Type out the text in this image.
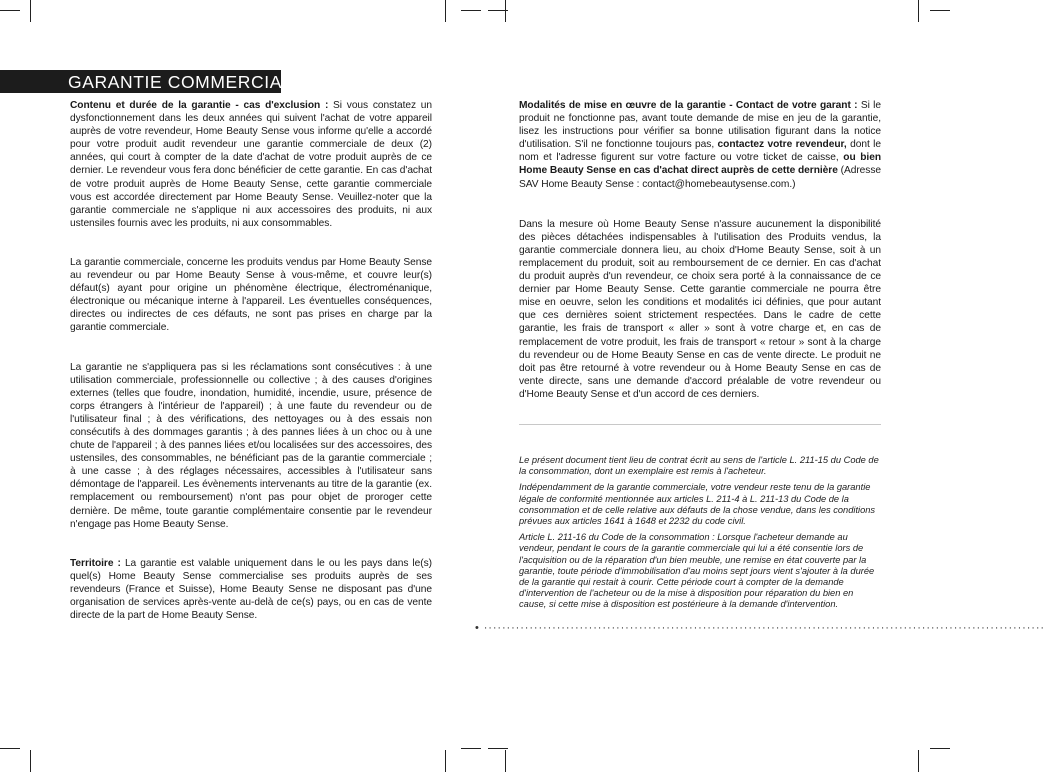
GARANTIE COMMERCIALE

Contenu et durée de la garantie - cas d'exclusion : Si vous constatez un dysfonctionnement dans les deux années qui suivent l'achat de votre appareil auprès de votre revendeur, Home Beauty Sense vous informe qu'elle a accordé pour votre produit audit revendeur une garantie commerciale de deux (2) années, qui court à compter de la date d'achat de votre produit auprès de ce dernier. Le revendeur vous fera donc bénéficier de cette garantie. En cas d'achat de votre produit auprès de Home Beauty Sense, cette garantie commerciale vous est accordée directement par Home Beauty Sense. Veuillez-noter que la garantie commerciale ne s'applique ni aux accessoires des produits, ni aux ustensiles fournis avec les produits, ni aux consommables.

La garantie commerciale, concerne les produits vendus par Home Beauty Sense au revendeur ou par Home Beauty Sense à vous-même, et couvre leur(s) défaut(s) ayant pour origine un phénomène électrique, électroménanique, électronique ou mécanique interne à l'appareil. Les éventuelles conséquences, directes ou indirectes de ces défauts, ne sont pas prises en charge par la garantie commerciale.

La garantie ne s'appliquera pas si les réclamations sont consécutives : à une utilisation commerciale, professionnelle ou collective ; à des causes d'origines externes (telles que foudre, inondation, humidité, incendie, usure, présence de corps étrangers à l'intérieur de l'appareil) ; à une faute du revendeur ou de l'utilisateur final ; à des vérifications, des nettoyages ou à des essais non consécutifs à des dommages garantis ; à des pannes liées à un choc ou à une chute de l'appareil ; à des pannes liées et/ou localisées sur des accessoires, des ustensiles, des consommables, ne bénéficiant pas de la garantie commerciale ; à une casse ; à des réglages nécessaires, accessibles à l'utilisateur sans démontage de l'appareil. Les évènements intervenants au titre de la garantie (ex. remplacement ou remboursement) n'ont pas pour objet de proroger cette dernière. De même, toute garantie complémentaire consentie par le revendeur n'engage pas Home Beauty Sense.

Territoire : La garantie est valable uniquement dans le ou les pays dans le(s) quel(s) Home Beauty Sense commercialise ses produits auprès de ses revendeurs (France et Suisse), Home Beauty Sense ne disposant pas d'une organisation de services après-vente au-delà de ce(s) pays, ou en cas de vente directe de la part de Home Beauty Sense.

Modalités de mise en œuvre de la garantie - Contact de votre garant : Si le produit ne fonctionne pas, avant toute demande de mise en jeu de la garantie, lisez les instructions pour vérifier sa bonne utilisation figurant dans la notice d'utilisation. S'il ne fonctionne toujours pas, contactez votre revendeur, dont le nom et l'adresse figurent sur votre facture ou votre ticket de caisse, ou bien Home Beauty Sense en cas d'achat direct auprès de cette dernière (Adresse SAV Home Beauty Sense : contact@homebeautysense.com.)

Dans la mesure où Home Beauty Sense n'assure aucunement la disponibilité des pièces détachées indispensables à l'utilisation des Produits vendus, la garantie commerciale donnera lieu, au choix d'Home Beauty Sense, soit à un remplacement du produit, soit au remboursement de ce dernier. En cas d'achat du produit auprès d'un revendeur, ce choix sera porté à la connaissance de ce dernier par Home Beauty Sense. Cette garantie commerciale ne pourra être mise en oeuvre, selon les conditions et modalités ici définies, que pour autant que ces dernières soient strictement respectées. Dans le cadre de cette garantie, les frais de transport « aller » sont à votre charge et, en cas de remplacement de votre produit, les frais de transport « retour » sont à la charge du revendeur ou de Home Beauty Sense en cas de vente directe. Le produit ne doit pas être retourné à votre revendeur ou à Home Beauty Sense en cas de vente directe, sans une demande d'accord préalable de votre revendeur ou d'Home Beauty Sense et d'un accord de ces derniers.

Le présent document tient lieu de contrat écrit au sens de l'article L. 211-15 du Code de la consommation, dont un exemplaire est remis à l'acheteur.

Indépendamment de la garantie commerciale, votre vendeur reste tenu de la garantie légale de conformité mentionnée aux articles L. 211-4 à L. 211-13 du Code de la consommation et de celle relative aux défauts de la chose vendue, dans les conditions prévues aux articles 1641 à 1648 et 2232 du code civil.

Article L. 211-16 du Code de la consommation : Lorsque l'acheteur demande au vendeur, pendant le cours de la garantie commerciale qui lui a été consentie lors de l'acquisition ou de la réparation d'un bien meuble, une remise en état couverte par la garantie, toute période d'immobilisation d'au moins sept jours vient s'ajouter à la durée de la garantie qui restait à courir. Cette période court à compter de la demande d'intervention de l'acheteur ou de la mise à disposition pour réparation du bien en cause, si cette mise à disposition est postérieure à la demande d'intervention.

• ···························································································································
